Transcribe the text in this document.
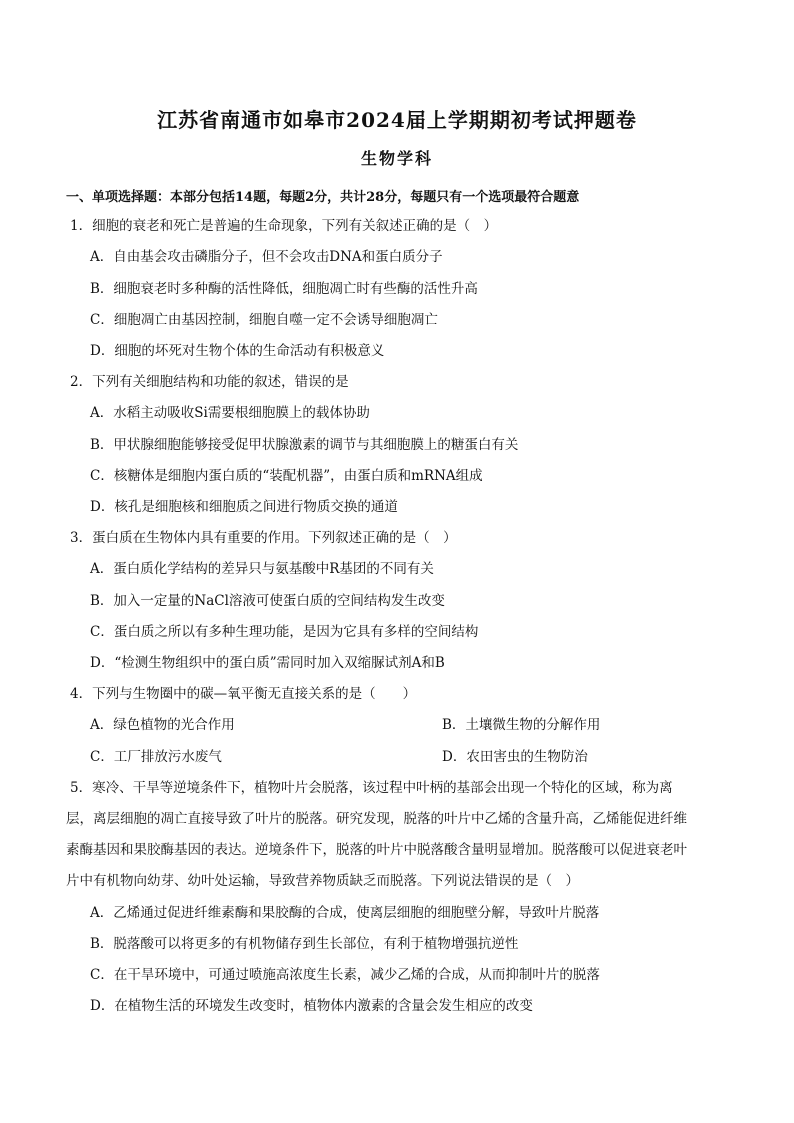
江苏省南通市如皋市2024届上学期期初考试押题卷
生物学科
一、单项选择题：本部分包括14题，每题2分，共计28分，每题只有一个选项最符合题意
1．细胞的衰老和死亡是普遍的生命现象，下列有关叙述正确的是（　）
A．自由基会攻击磷脂分子，但不会攻击DNA和蛋白质分子
B．细胞衰老时多种酶的活性降低，细胞凋亡时有些酶的活性升高
C．细胞凋亡由基因控制，细胞自噬一定不会诱导细胞凋亡
D．细胞的坏死对生物个体的生命活动有积极意义
2．下列有关细胞结构和功能的叙述，错误的是
A．水稻主动吸收Si需要根细胞膜上的载体协助
B．甲状腺细胞能够接受促甲状腺激素的调节与其细胞膜上的糖蛋白有关
C．核糖体是细胞内蛋白质的“装配机器”，由蛋白质和mRNA组成
D．核孔是细胞核和细胞质之间进行物质交换的通道
3．蛋白质在生物体内具有重要的作用。下列叙述正确的是（　）
A．蛋白质化学结构的差异只与氨基酸中R基团的不同有关
B．加入一定量的NaCl溶液可使蛋白质的空间结构发生改变
C．蛋白质之所以有多种生理功能，是因为它具有多样的空间结构
D．“检测生物组织中的蛋白质”需同时加入双缩脲试剂A和B
4．下列与生物圈中的碳—氧平衡无直接关系的是（　　）
A．绿色植物的光合作用	B．土壤微生物的分解作用
C．工厂排放污水废气	D．农田害虫的生物防治
5．寒冷、干旱等逆境条件下，植物叶片会脱落，该过程中叶柄的基部会出现一个特化的区域，称为离
层，离层细胞的凋亡直接导致了叶片的脱落。研究发现，脱落的叶片中乙烯的含量升高，乙烯能促进纤维
素酶基因和果胶酶基因的表达。逆境条件下，脱落的叶片中脱落酸含量明显增加。脱落酸可以促进衰老叶
片中有机物向幼芽、幼叶处运输，导致营养物质缺乏而脱落。下列说法错误的是（　）
A．乙烯通过促进纤维素酶和果胶酶的合成，使离层细胞的细胞壁分解，导致叶片脱落
B．脱落酸可以将更多的有机物储存到生长部位，有利于植物增强抗逆性
C．在干旱环境中，可通过喷施高浓度生长素，减少乙烯的合成，从而抑制叶片的脱落
D．在植物生活的环境发生改变时，植物体内激素的含量会发生相应的改变
